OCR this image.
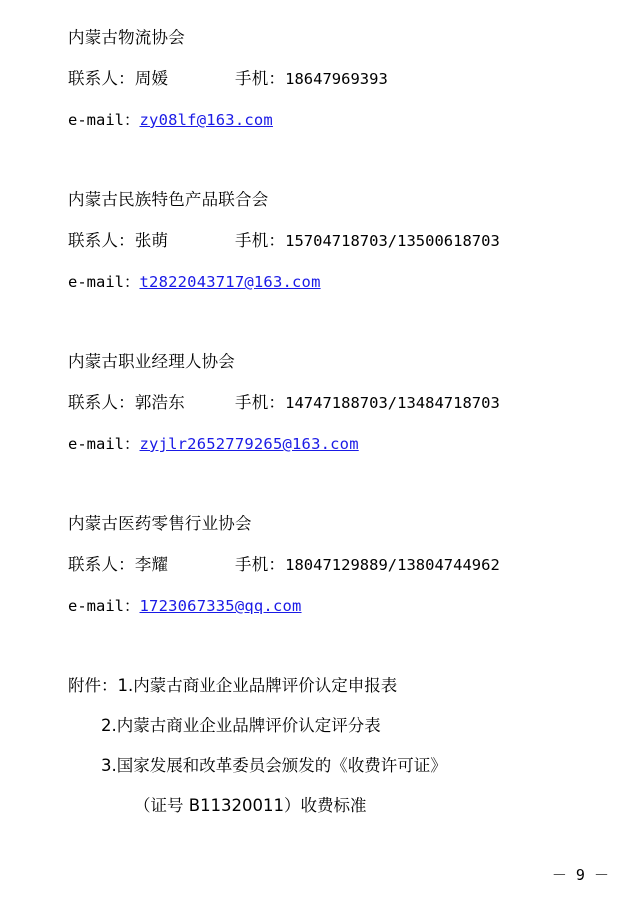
内蒙古物流协会
联系人：周媛　　　　	手机：18647969393
e-mail：zy08lf@163.com
内蒙古民族特色产品联合会
联系人：张萌　　　　	手机：15704718703/13500618703
e-mail：t2822043717@163.com
内蒙古职业经理人协会
联系人：郭浩东　　　	手机：14747188703/13484718703
e-mail：zyjlr2652779265@163.com
内蒙古医药零售行业协会
联系人：李耀　　　　	手机：18047129889/13804744962
e-mail：1723067335@qq.com
附件：1.内蒙古商业企业品牌评价认定申报表
2.内蒙古商业企业品牌评价认定评分表
3.国家发展和改革委员会颁发的《收费许可证》
（证号 B11320011）收费标准
－ 9 －
